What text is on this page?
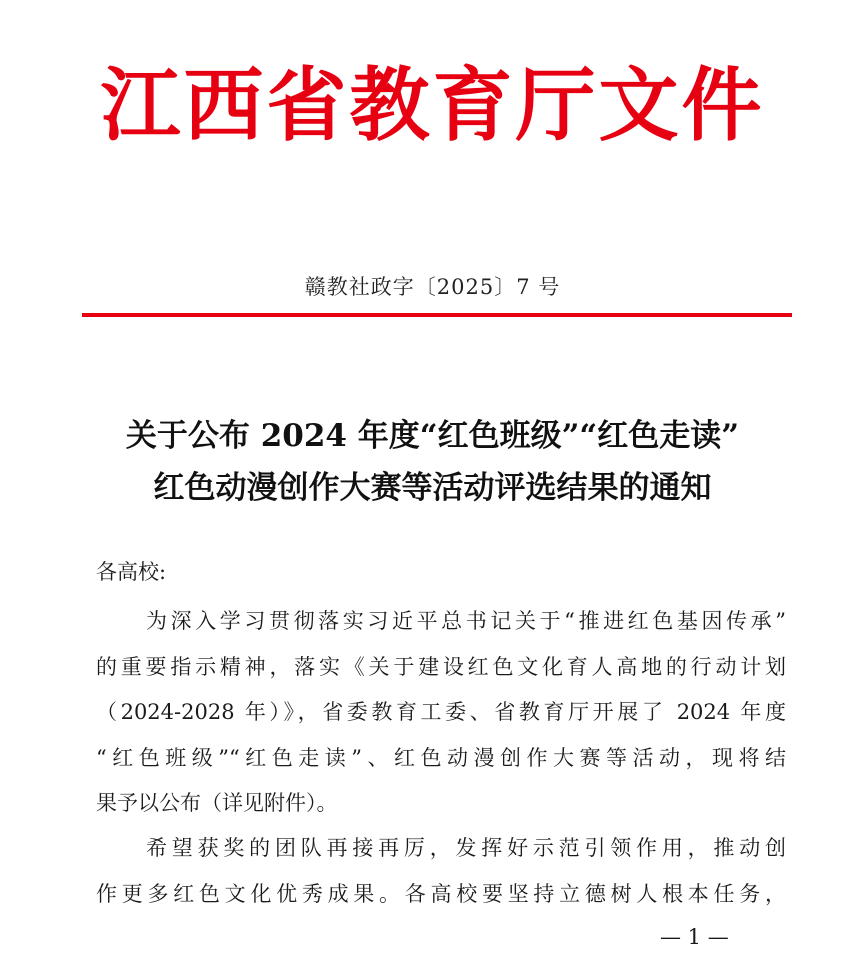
江西省教育厅文件
赣教社政字〔2025〕7 号
关于公布 2024 年度“红色班级”“红色走读”
红色动漫创作大赛等活动评选结果的通知
各高校:
为深入学习贯彻落实习近平总书记关于“推进红色基因传承”
的重要指示精神，落实《关于建设红色文化育人高地的行动计划
（2024-2028 年）》，省委教育工委、省教育厅开展了 2024 年度
“红色班级”“红色走读”、红色动漫创作大赛等活动，现将结
果予以公布（详见附件）。
希望获奖的团队再接再厉，发挥好示范引领作用，推动创
作更多红色文化优秀成果。各高校要坚持立德树人根本任务，
— 1 —
